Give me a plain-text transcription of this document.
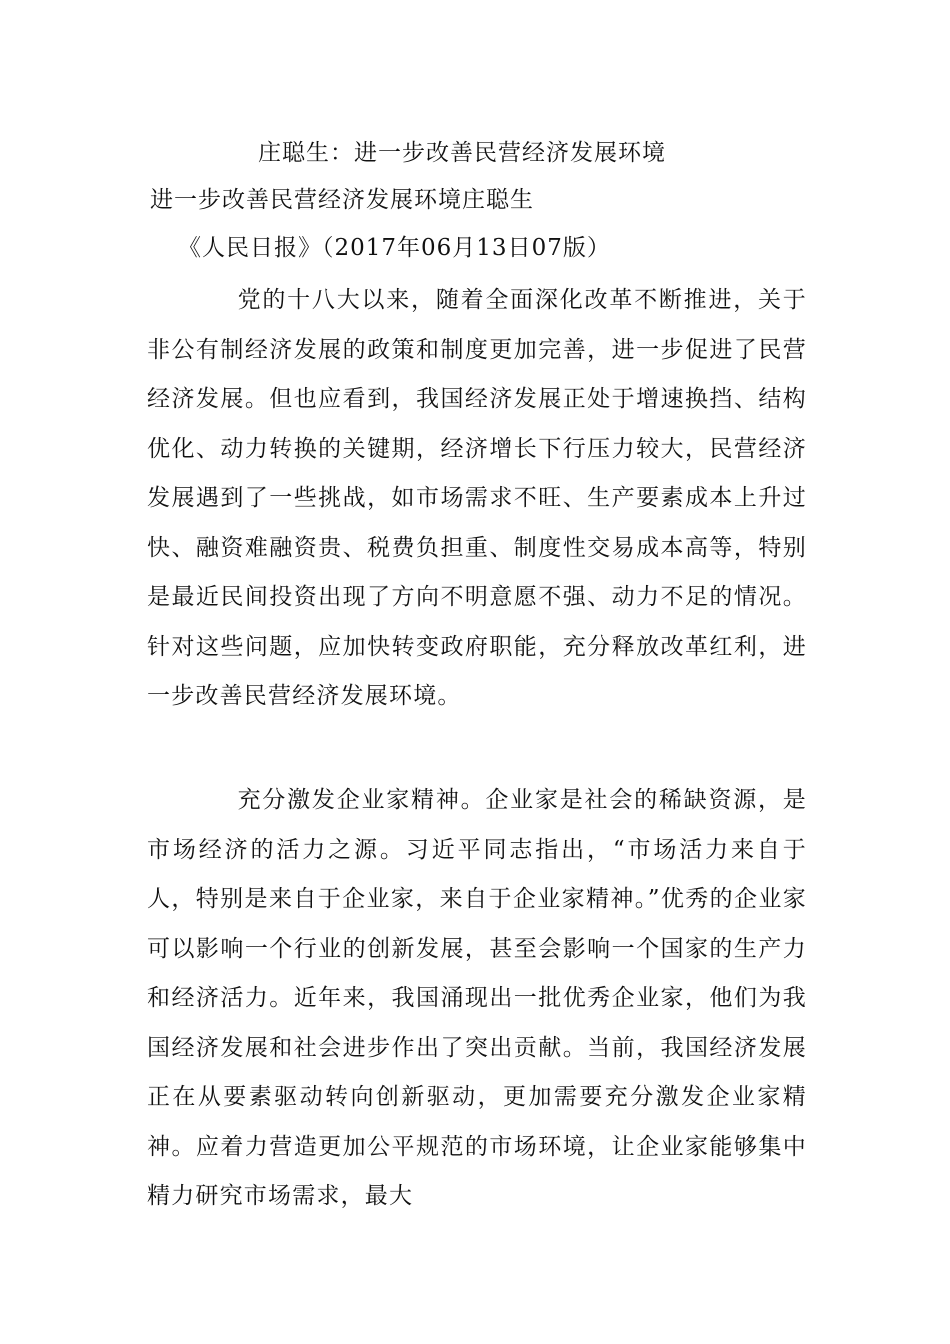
庄聪生：进一步改善民营经济发展环境
进一步改善民营经济发展环境庄聪生
《人民日报》（2017年06月13日07版）

党的十八大以来，随着全面深化改革不断推进，关于非公有制经济发展的政策和制度更加完善，进一步促进了民营经济发展。但也应看到，我国经济发展正处于增速换挡、结构优化、动力转换的关键期，经济增长下行压力较大，民营经济发展遇到了一些挑战，如市场需求不旺、生产要素成本上升过快、融资难融资贵、税费负担重、制度性交易成本高等，特别是最近民间投资出现了方向不明意愿不强、动力不足的情况。针对这些问题，应加快转变政府职能，充分释放改革红利，进一步改善民营经济发展环境。

充分激发企业家精神。企业家是社会的稀缺资源，是市场经济的活力之源。习近平同志指出，“市场活力来自于人，特别是来自于企业家，来自于企业家精神。”优秀的企业家可以影响一个行业的创新发展，甚至会影响一个国家的生产力和经济活力。近年来，我国涌现出一批优秀企业家，他们为我国经济发展和社会进步作出了突出贡献。当前，我国经济发展正在从要素驱动转向创新驱动，更加需要充分激发企业家精神。应着力营造更加公平规范的市场环境，让企业家能够集中精力研究市场需求，最大
